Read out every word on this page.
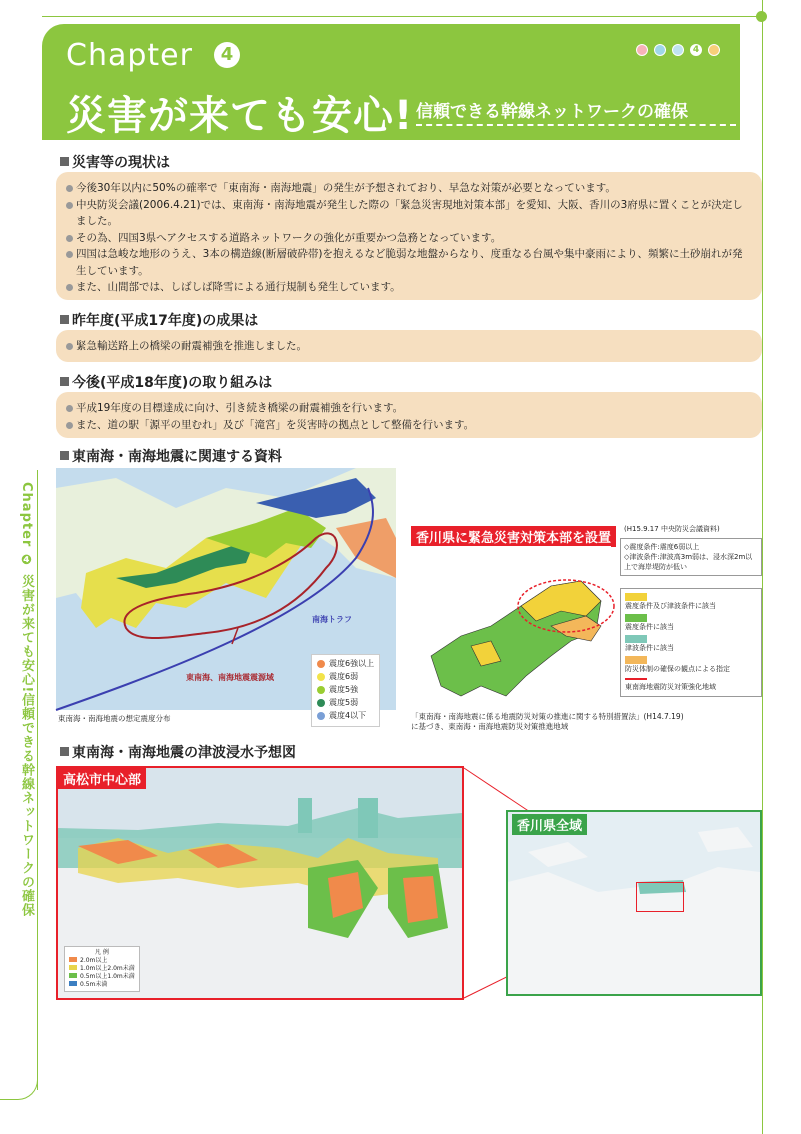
Chapter	4
災害が来ても安心! 信頼できる幹線ネットワークの確保
4
Chapter ❹ 災害が来ても安心!信頼できる幹線ネットワークの確保
災害等の現状は
今後30年以内に50%の確率で「東南海・南海地震」の発生が予想されており、早急な対策が必要となっています。
中央防災会議(2006.4.21)では、東南海・南海地震が発生した際の「緊急災害現地対策本部」を愛知、大阪、香川の3府県に置くことが決定しました。
その為、四国3県へアクセスする道路ネットワークの強化が重要かつ急務となっています。
四国は急峻な地形のうえ、3本の構造線(断層破砕帯)を抱えるなど脆弱な地盤からなり、度重なる台風や集中豪雨により、頻繁に土砂崩れが発生しています。
また、山間部では、しばしば降雪による通行規制も発生しています。
昨年度(平成17年度)の成果は
緊急輸送路上の橋梁の耐震補強を推進しました。
今後(平成18年度)の取り組みは
平成19年度の目標達成に向け、引き続き橋梁の耐震補強を行います。
また、道の駅「源平の里むれ」及び「滝宮」を災害時の拠点として整備を行います。
東南海・南海地震に関連する資料
南海トラフ
東南海、南海地震震源域
震度6強以上
震度6弱
震度5強
震度5弱
震度4以下
東南海・南海地震の想定震度分布
香川県に緊急災害対策本部を設置
(H15.9.17 中央防災会議資料)
◇震度条件:震度6弱以上
◇津波条件:津波高3m弱は、浸水深2m以上で海岸堤防が低い
震度条件及び津波条件に該当
震度条件に該当
津波条件に該当
防災体制の確保の観点による指定
東南海地震防災対策強化地域
「東南海・南海地震に係る地震防災対策の推進に関する特別措置法」(H14.7.19)に基づき、東南海・南海地震防災対策推進地域
東南海・南海地震の津波浸水予想図
高松市中心部
凡 例
2.0m以上
1.0m以上2.0m未満
0.5m以上1.0m未満
0.5m未満
香川県全域
